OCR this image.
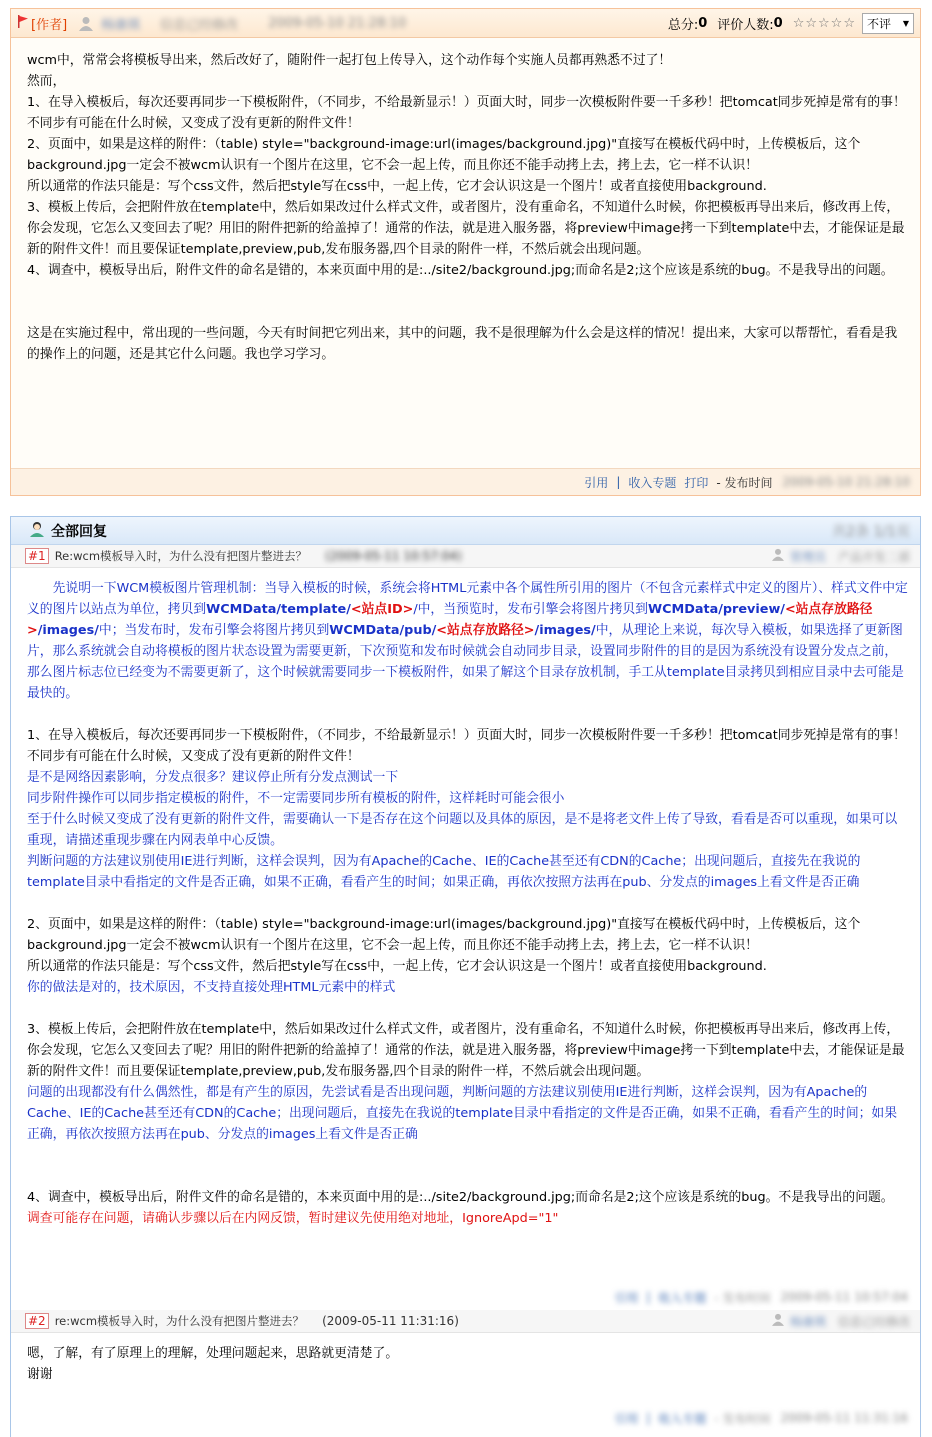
[作者]	杨康琪 信息已经修改 2009-05-10 21:28:10	总分: 0 评价人数: 0 ☆☆☆☆☆ 不评 ▼
wcm中，常常会将模板导出来，然后改好了，随附件一起打包上传导入，这个动作每个实施人员都再熟悉不过了！
然而，
1、在导入模板后，每次还要再同步一下模板附件，（不同步，不给最新显示！）页面大时，同步一次模板附件要一千多秒！把tomcat同步死掉是常有的事！不同步有可能在什么时候，又变成了没有更新的附件文件！
2、页面中，如果是这样的附件：（table) style="background-image:url(images/background.jpg)"直接写在模板代码中时，上传模板后，这个background.jpg一定会不被wcm认识有一个图片在这里，它不会一起上传，而且你还不能手动拷上去，拷上去，它一样不认识！
所以通常的作法只能是：写个css文件，然后把style写在css中，一起上传，它才会认识这是一个图片！或者直接使用background.
3、模板上传后，会把附件放在template中，然后如果改过什么样式文件，或者图片，没有重命名，不知道什么时候，你把模板再导出来后，修改再上传，你会发现，它怎么又变回去了呢？用旧的附件把新的给盖掉了！通常的作法，就是进入服务器，将preview中image拷一下到template中去，才能保证是最新的附件文件！而且要保证template,preview,pub,发布服务器,四个目录的附件一样，不然后就会出现问题。
4、调查中，模板导出后，附件文件的命名是错的，本来页面中用的是:../site2/background.jpg;而命名是2;这个应该是系统的bug。不是我导出的问题。
这是在实施过程中，常出现的一些问题，今天有时间把它列出来，其中的问题，我不是很理解为什么会是这样的情况！提出来，大家可以帮帮忙，看看是我的操作上的问题，还是其它什么问题。我也学习学习。
引用 | 收入专题 打印 - 发布时间 2009-05-10 21:28:10
全部回复	共2条 1/1页
#1 Re:wcm模板导入时，为什么没有把图片整进去？ (2009-05-11 10:57:04)	管理员 产品开发二部
先说明一下WCM模板图片管理机制：当导入模板的时候，系统会将HTML元素中各个属性所引用的图片（不包含元素样式中定义的图片）、样式文件中定义的图片以站点为单位，拷贝到WCMData/template/<站点ID>/中，当预览时，发布引擎会将图片拷贝到WCMData/preview/<站点存放路径>/images/中；当发布时，发布引擎会将图片拷贝到WCMData/pub/<站点存放路径>/images/中，从理论上来说，每次导入模板，如果选择了更新图片，那么系统就会自动将模板的图片状态设置为需要更新，下次预览和发布时候就会自动同步目录，设置同步附件的目的是因为系统没有设置分发点之前，那么图片标志位已经变为不需要更新了，这个时候就需要同步一下模板附件，如果了解这个目录存放机制，手工从template目录拷贝到相应目录中去可能是最快的。
1、在导入模板后，每次还要再同步一下模板附件，（不同步，不给最新显示！）页面大时，同步一次模板附件要一千多秒！把tomcat同步死掉是常有的事！不同步有可能在什么时候，又变成了没有更新的附件文件！
是不是网络因素影响，分发点很多？建议停止所有分发点测试一下
同步附件操作可以同步指定模板的附件，不一定需要同步所有模板的附件，这样耗时可能会很小
至于什么时候又变成了没有更新的附件文件，需要确认一下是否存在这个问题以及具体的原因，是不是将老文件上传了导致，看看是否可以重现，如果可以重现，请描述重现步骤在内网表单中心反馈。
判断问题的方法建议别使用IE进行判断，这样会误判，因为有Apache的Cache、IE的Cache甚至还有CDN的Cache；出现问题后，直接先在我说的template目录中看指定的文件是否正确，如果不正确，看看产生的时间；如果正确，再依次按照方法再在pub、分发点的images上看文件是否正确
2、页面中，如果是这样的附件：（table) style="background-image:url(images/background.jpg)"直接写在模板代码中时，上传模板后，这个background.jpg一定会不被wcm认识有一个图片在这里，它不会一起上传，而且你还不能手动拷上去，拷上去，它一样不认识！
所以通常的作法只能是：写个css文件，然后把style写在css中，一起上传，它才会认识这是一个图片！或者直接使用background.
你的做法是对的，技术原因，不支持直接处理HTML元素中的样式
3、模板上传后，会把附件放在template中，然后如果改过什么样式文件，或者图片，没有重命名，不知道什么时候，你把模板再导出来后，修改再上传，你会发现，它怎么又变回去了呢？用旧的附件把新的给盖掉了！通常的作法，就是进入服务器，将preview中image拷一下到template中去，才能保证是最新的附件文件！而且要保证template,preview,pub,发布服务器,四个目录的附件一样，不然后就会出现问题。
问题的出现都没有什么偶然性，都是有产生的原因，先尝试看是否出现问题，判断问题的方法建议别使用IE进行判断，这样会误判，因为有Apache的Cache、IE的Cache甚至还有CDN的Cache；出现问题后，直接先在我说的template目录中看指定的文件是否正确，如果不正确，看看产生的时间；如果正确，再依次按照方法再在pub、分发点的images上看文件是否正确
4、调查中，模板导出后，附件文件的命名是错的，本来页面中用的是:../site2/background.jpg;而命名是2;这个应该是系统的bug。不是我导出的问题。
调查可能存在问题，请确认步骤以后在内网反馈，暂时建议先使用绝对地址，IgnoreApd="1"
引用 | 收入专题 - 发布时间 2009-05-11 10:57:04
#2 re:wcm模板导入时，为什么没有把图片整进去？ (2009-05-11 11:31:16)	杨康琪 信息已经修改
嗯，了解，有了原理上的理解，处理问题起来，思路就更清楚了。
谢谢
引用 | 收入专题 - 发布时间 2009-05-11 11:31:16
